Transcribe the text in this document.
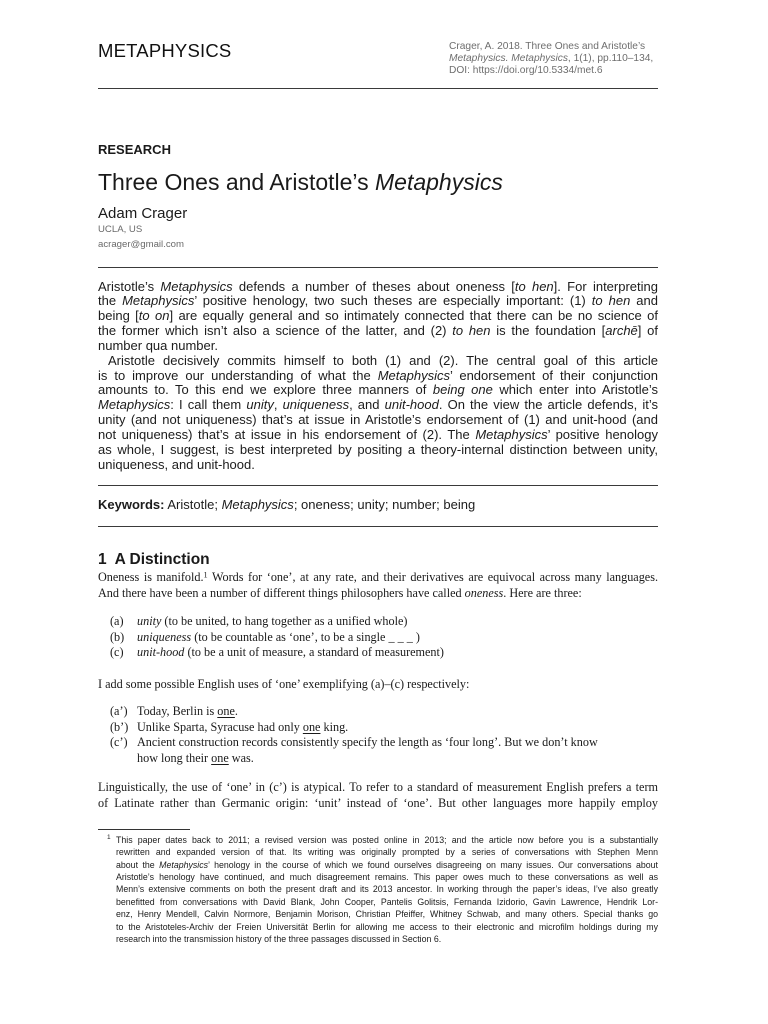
METAPHYSICS	Crager, A. 2018. Three Ones and Aristotle’s
Metaphysics. Metaphysics, 1(1), pp.110–134,
DOI: https://doi.org/10.5334/met.6
RESEARCH
Three Ones and Aristotle’s Metaphysics
Adam Crager
UCLA, US
acrager@gmail.com
Aristotle’s Metaphysics defends a number of theses about oneness [to hen]. For interpreting
the Metaphysics’ positive henology, two such theses are especially important: (1) to hen and
being [to on] are equally general and so intimately connected that there can be no science of
the former which isn’t also a science of the latter, and (2) to hen is the foundation [archē] of
number qua number.
Aristotle decisively commits himself to both (1) and (2). The central goal of this article
is to improve our understanding of what the Metaphysics’ endorsement of their conjunction
amounts to. To this end we explore three manners of being one which enter into Aristotle’s
Metaphysics: I call them unity, uniqueness, and unit-hood. On the view the article defends, it’s
unity (and not uniqueness) that’s at issue in Aristotle’s endorsement of (1) and unit-hood (and
not uniqueness) that’s at issue in his endorsement of (2). The Metaphysics’ positive henology
as whole, I suggest, is best interpreted by positing a theory-internal distinction between unity,
uniqueness, and unit-hood.
Keywords: Aristotle; Metaphysics; oneness; unity; number; being
1 A Distinction
Oneness is manifold.$^1$ Words for ‘one’, at any rate, and their derivatives are equivocal across many languages.
And there have been a number of different things philosophers have called oneness. Here are three:
(a)	unity (to be united, to hang together as a unified whole)
(b)	uniqueness (to be countable as ‘one’, to be a single _ _ _ )
(c)	unit-hood (to be a unit of measure, a standard of measurement)
I add some possible English uses of ‘one’ exemplifying (a)–(c) respectively:
(a’) Today, Berlin is one.
(b’) Unlike Sparta, Syracuse had only one king.
(c’) Ancient construction records consistently specify the length as ‘four long’. But we don’t know
how long their one was.
Linguistically, the use of ‘one’ in (c’) is atypical. To refer to a standard of measurement English prefers a term
of Latinate rather than Germanic origin: ‘unit’ instead of ‘one’. But other languages more happily employ
1 This paper dates back to 2011; a revised version was posted online in 2013; and the article now before you is a substantially
rewritten and expanded version of that. Its writing was originally prompted by a series of conversations with Stephen Menn
about the Metaphysics’ henology in the course of which we found ourselves disagreeing on many issues. Our conversations about
Aristotle’s henology have continued, and much disagreement remains. This paper owes much to these conversations as well as
Menn’s extensive comments on both the present draft and its 2013 ancestor. In working through the paper’s ideas, I’ve also greatly
benefitted from conversations with David Blank, John Cooper, Pantelis Golitsis, Fernanda Izidorio, Gavin Lawrence, Hendrik Lor-
enz, Henry Mendell, Calvin Normore, Benjamin Morison, Christian Pfeiffer, Whitney Schwab, and many others. Special thanks go
to the Aristoteles-Archiv der Freien Universität Berlin for allowing me access to their electronic and microfilm holdings during my
research into the transmission history of the three passages discussed in Section 6.
